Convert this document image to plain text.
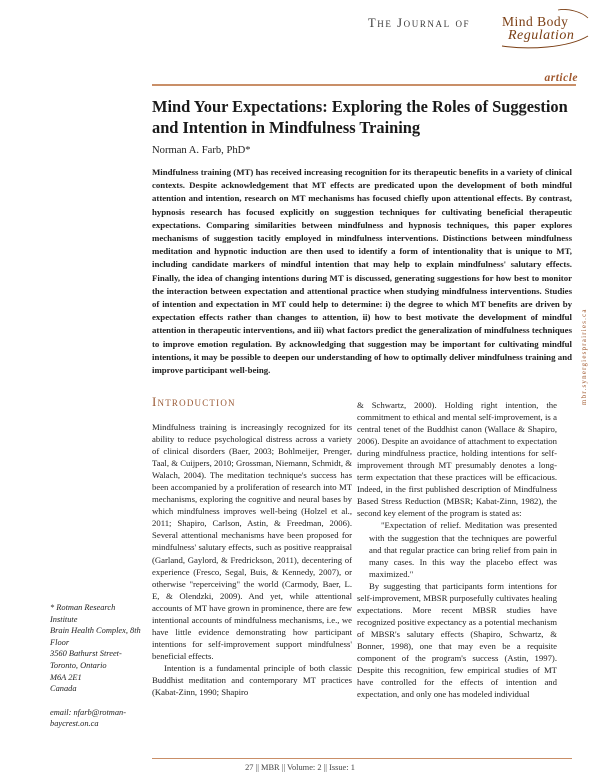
The Journal of Mind Body
Regulation
article
Mind Your Expectations: Exploring the Roles of Suggestion and Intention in Mindfulness Training
Norman A. Farb, PhD*

Mindfulness training (MT) has received increasing recognition for its therapeutic benefits in a variety of clinical contexts. Despite acknowledgement that MT effects are predicated upon the development of both mindful attention and intention, research on MT mechanisms has focused chiefly upon attentional effects. By contrast, hypnosis research has focused explicitly on suggestion techniques for cultivating beneficial therapeutic expectations. Comparing similarities between mindfulness and hypnosis techniques, this paper explores mechanisms of suggestion tacitly employed in mindfulness interventions. Distinctions between mindfulness meditation and hypnotic induction are then used to identify a form of intentionality that is unique to MT, including candidate markers of mindful intention that may help to explain mindfulness' salutary effects. Finally, the idea of changing intentions during MT is discussed, generating suggestions for how best to monitor the interaction between expectation and attentional practice when studying mindfulness interventions. Studies of intention and expectation in MT could help to determine: i) the degree to which MT benefits are driven by expectation effects rather than changes to attention, ii) how to best motivate the development of mindful attention in therapeutic interventions, and iii) what factors predict the generalization of mindfulness techniques to improve emotion regulation. By acknowledging that suggestion may be important for cultivating mindful intentions, it may be possible to deepen our understanding of how to optimally deliver mindfulness training and improve participant well-being.	mbr.synergiesprairies.ca
Introduction

Mindfulness training is increasingly recognized for its ability to reduce psychological distress across a variety of clinical disorders (Baer, 2003; Bohlmeijer, Prenger, Taal, & Cuijpers, 2010; Grossman, Niemann, Schmidt, & Walach, 2004). The meditation technique's success has been accompanied by a proliferation of research into MT mechanisms, exploring the cognitive and neural bases by which mindfulness improves well-being (Holzel et al., 2011; Shapiro, Carlson, Astin, & Freedman, 2006). Several attentional mechanisms have been proposed for mindfulness' salutary effects, such as positive reappraisal (Garland, Gaylord, & Fredrickson, 2011), decentering of experience (Fresco, Segal, Buis, & Kennedy, 2007), or otherwise "reperceiving" the world (Carmody, Baer, L. E, & Olendzki, 2009). And yet, while attentional accounts of MT have grown in prominence, there are few intentional accounts of mindfulness mechanisms, i.e., we have little evidence demonstrating how participant intentions for self-improvement support mindfulness' beneficial effects.

Intention is a fundamental principle of both classic Buddhist meditation and contemporary MT practices (Kabat-Zinn, 1990; Shapiro

& Schwartz, 2000). Holding right intention, the commitment to ethical and mental self-improvement, is a central tenet of the Buddhist canon (Wallace & Shapiro, 2006). Despite an avoidance of attachment to expectation during mindfulness practice, holding intentions for self-improvement through MT presumably denotes a long-term expectation that these practices will be efficacious. Indeed, in the first published description of Mindfulness Based Stress Reduction (MBSR; Kabat-Zinn, 1982), the second key element of the program is stated as:

"Expectation of relief. Meditation was presented with the suggestion that the techniques are powerful and that regular practice can bring relief from pain in many cases. In this way the placebo effect was maximized."

By suggesting that participants form intentions for self-improvement, MBSR purposefully cultivates healing expectations. More recent MBSR studies have recognized positive expectancy as a potential mechanism of MBSR's salutary effects (Shapiro, Schwartz, & Bonner, 1998), one that may even be a requisite component of the program's success (Astin, 1997). Despite this recognition, few empirical studies of MT have controlled for the effects of intention and expectation, and only one has modeled individual

* Rotman Research Institute
Brain Health Complex, 8th Floor
3560 Bathurst Street-Toronto, Ontario
M6A 2E1
Canada
email: nfarb@rotman-baycrest.on.ca
27 || MBR || Volume: 2 || Issue: 1
